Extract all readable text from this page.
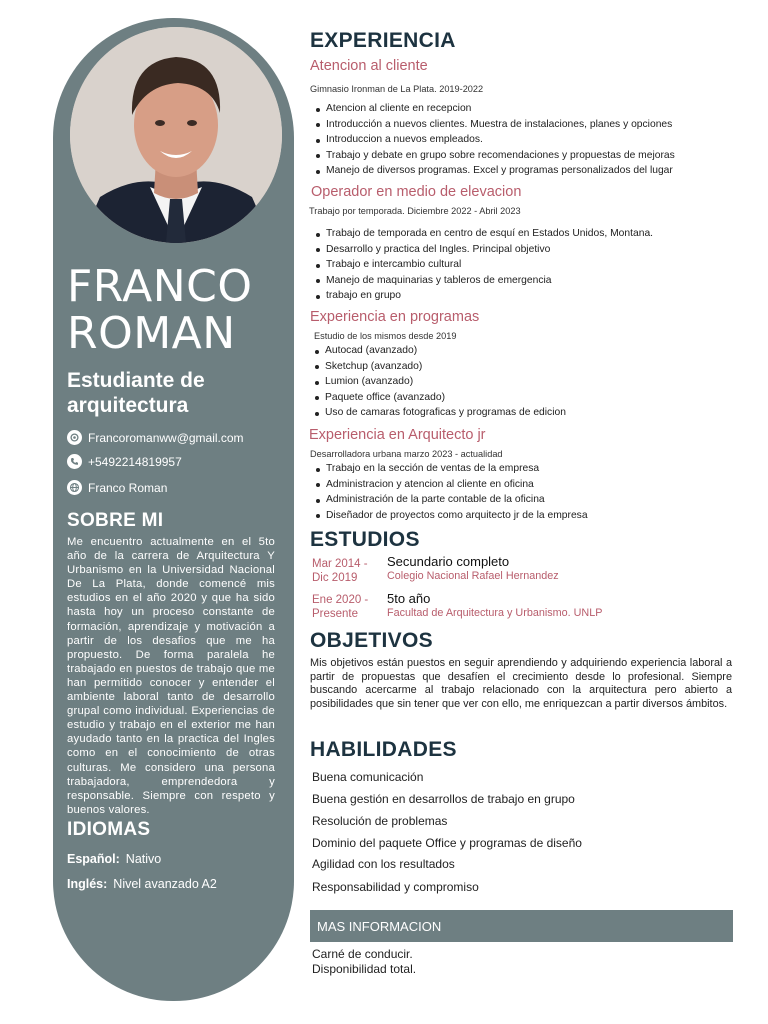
FRANCO
ROMAN
Estudiante de arquitectura
Francoromanww@gmail.com
+5492214819957
Franco Roman
SOBRE MI
Me encuentro actualmente en el 5to año de la carrera de Arquitectura Y Urbanismo en la Universidad Nacional De La Plata, donde comencé mis estudios en el año 2020 y que ha sido hasta hoy un proceso constante de formación, aprendizaje y motivación a partir de los desafios que me ha propuesto. De forma paralela he trabajado en puestos de trabajo que me han permitido conocer y entender el ambiente laboral tanto de desarrollo grupal como individual. Experiencias de estudio y trabajo en el exterior me han ayudado tanto en la practica del Ingles como en el conocimiento de otras culturas. Me considero una persona trabajadora, emprendedora y responsable. Siempre con respeto y buenos valores.
IDIOMAS
Español: Nativo
Inglés: Nivel avanzado A2
EXPERIENCIA
Atencion al cliente
Gimnasio Ironman de La Plata. 2019-2022
Atencion al cliente en recepcion
Introducción a nuevos clientes. Muestra de instalaciones, planes y opciones
Introduccion a nuevos empleados.
Trabajo y debate en grupo sobre recomendaciones y propuestas de mejoras
Manejo de diversos programas. Excel y programas personalizados del lugar
Operador en medio de elevacion
Trabajo por temporada. Diciembre 2022 - Abril 2023
Trabajo de temporada en centro de esquí en Estados Unidos, Montana.
Desarrollo y practica del Ingles. Principal objetivo
Trabajo e intercambio cultural
Manejo de maquinarias y tableros de emergencia
trabajo en grupo
Experiencia en programas
Estudio de los mismos desde 2019
Autocad (avanzado)
Sketchup (avanzado)
Lumion (avanzado)
Paquete office (avanzado)
Uso de camaras fotograficas y programas de edicion
Experiencia en Arquitecto jr
Desarrolladora urbana marzo 2023 - actualidad
Trabajo en la sección de ventas de la empresa
Administracion y atencion al cliente en oficina
Administración de la parte contable de la oficina
Diseñador de proyectos como arquitecto jr de la empresa
ESTUDIOS
Mar 2014 -
Dic 2019
Secundario completo
Colegio Nacional Rafael Hernandez
Ene 2020 -
Presente
5to año
Facultad de Arquitectura y Urbanismo. UNLP
OBJETIVOS
Mis objetivos están puestos en seguir aprendiendo y adquiriendo experiencia laboral a partir de propuestas que desafíen el crecimiento desde lo profesional. Siempre buscando acercarme al trabajo relacionado con la arquitectura pero abierto a posibilidades que sin tener que ver con ello, me enriquezcan a partir diversos ámbitos.
HABILIDADES
Buena comunicación
Buena gestión en desarrollos de trabajo en grupo
Resolución de problemas
Dominio del paquete Office y programas de diseño
Agilidad con los resultados
Responsabilidad y compromiso
MAS INFORMACION
Carné de conducir.
Disponibilidad total.
